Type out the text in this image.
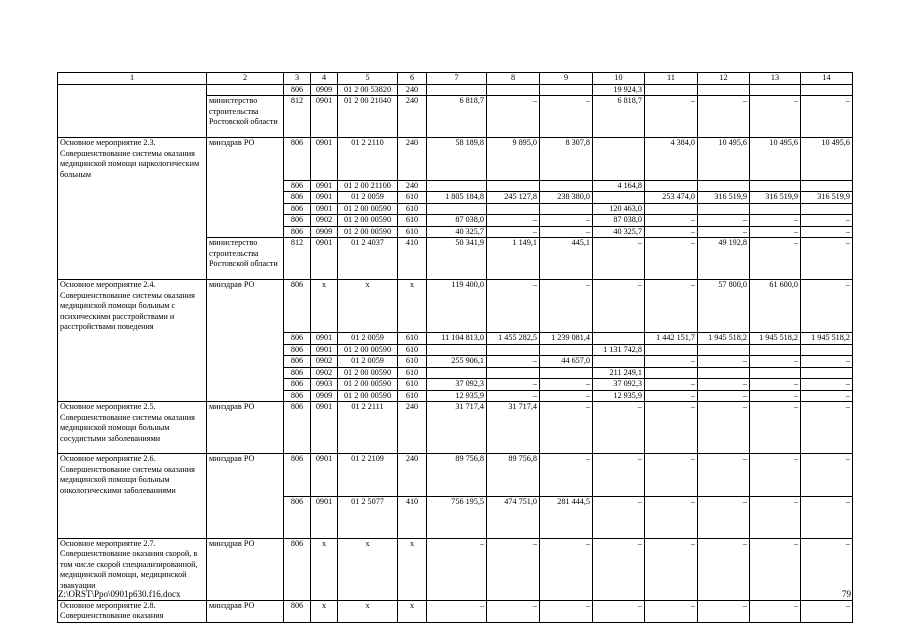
1	2	3	4	5	6	7	8	9	10	11	12	13	14
		806	0909	01 2 00 53820	240				19 924,3				
	министерство строительства Ростовской области	812	0901	01 2 00 21040	240	6 818,7	–	–	6 818,7	–	–	–	–
Основное мероприятие 2.3. Совершенствование системы оказания медицинской помощи наркологическим больным	минздрав РО	806	0901	01 2 2110	240	58 189,8	9 895,0	8 307,8		4 384,0	10 495,6	10 495,6	10 495,6
		806	0901	01 2 00 21100	240				4 164,8				
		806	0901	01 2 0059	610	1 805 184,8	245 127,8	238 380,0		253 474,0	316 519,9	316 519,9	316 519,9
		806	0901	01 2 00 00590	610				120 463,0				
		806	0902	01 2 00 00590	610	87 038,0	–	–	87 038,0	–	–	–	–
		806	0909	01 2 00 00590	610	40 325,7	–	–	40 325,7	–	–	–	–
	министерство строительства Ростовской области	812	0901	01 2 4037	410	50 341,9	1 149,1	445,1	–	–	49 192,8	–	–
Основное мероприятие 2.4. Совершенствование системы оказания медицинской помощи больным с психическими расстройствами и расстройствами поведения	минздрав РО	806	х	х	х	119 400,0	–	–	–	–	57 800,0	61 600,0	–
		806	0901	01 2 0059	610	11 104 813,0	1 455 282,5	1 239 081,4		1 442 151,7	1 945 518,2	1 945 518,2	1 945 518,2
		806	0901	01 2 00 00590	610				1 131 742,8				
		806	0902	01 2 0059	610	255 906,1	–	44 657,0		–	–	–	–
		806	0902	01 2 00 00590	610				211 249,1				
		806	0903	01 2 00 00590	610	37 092,3	–	–	37 092,3	–	–	–	–
		806	0909	01 2 00 00590	610	12 935,9	–	–	12 935,9	–	–	–	–
Основное мероприятие 2.5. Совершенствование системы оказания медицинской помощи больным сосудистыми заболеваниями	минздрав РО	806	0901	01 2 2111	240	31 717,4	31 717,4	–	–	–	–	–	–
Основное мероприятие 2.6. Совершенствование системы оказания медицинской помощи больным онкологическими заболеваниями	минздрав РО	806	0901	01 2 2109	240	89 756,8	89 756,8	–	–	–	–	–	–
		806	0901	01 2 5077	410	756 195,5	474 751,0	281 444,5	–	–	–	–	–
Основное мероприятие 2.7. Совершенствование оказания скорой, в том числе скорой специализированной, медицинской помощи, медицинской эвакуации	минздрав РО	806	х	х	х	–	–	–	–	–	–	–	–
Основное мероприятие 2.8. Совершенствование оказания	минздрав РО	806	х	х	х	–	–	–	–	–	–	–	–
Z:\ORST\Ppo\0901p630.f16.docx	79
